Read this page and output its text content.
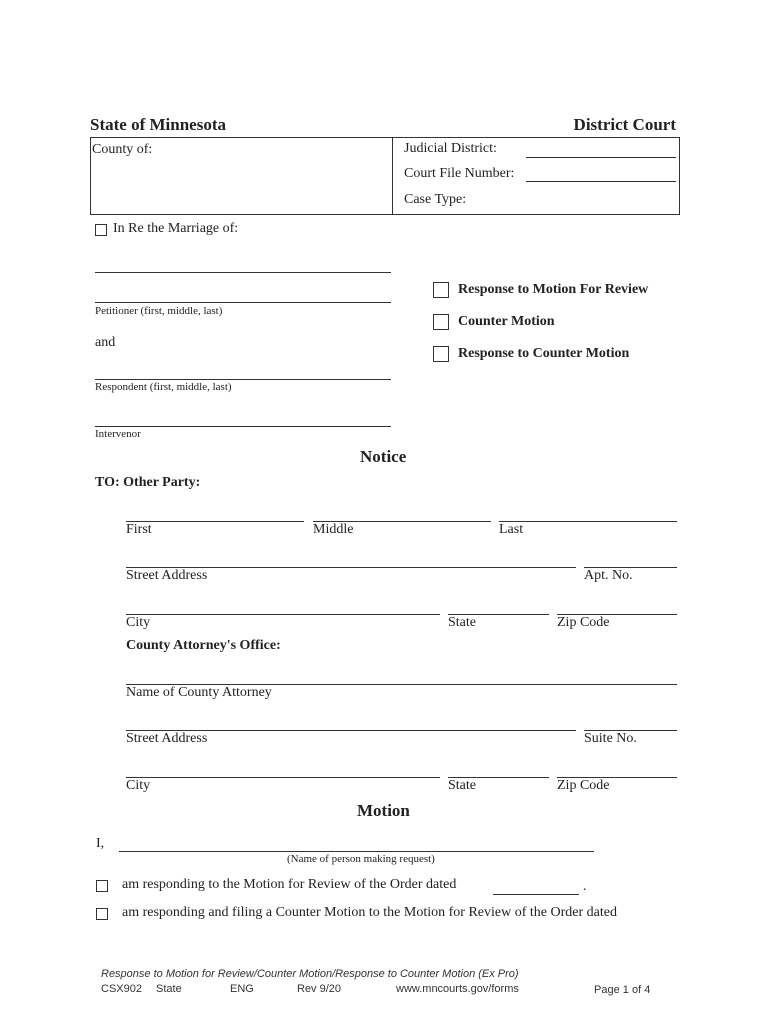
State of Minnesota	District Court
County of:	Judicial District:
Court File Number:
Case Type:
In Re the Marriage of:
Petitioner (first, middle, last)
and
Respondent (first, middle, last)
Intervenor
Response to Motion For Review
Counter Motion
Response to Counter Motion
Notice
TO: Other Party:
First	Middle	Last
Street Address	Apt. No.
City	State	Zip Code
County Attorney's Office:
Name of County Attorney
Street Address	Suite No.
City	State	Zip Code
Motion
I,
(Name of person making request)
am responding to the Motion for Review of the Order dated	.
am responding and filing a Counter Motion to the Motion for Review of the Order dated
Response to Motion for Review/Counter Motion/Response to Counter Motion (Ex Pro)
CSX902 State	ENG	Rev 9/20	www.mncourts.gov/forms	Page 1 of 4
